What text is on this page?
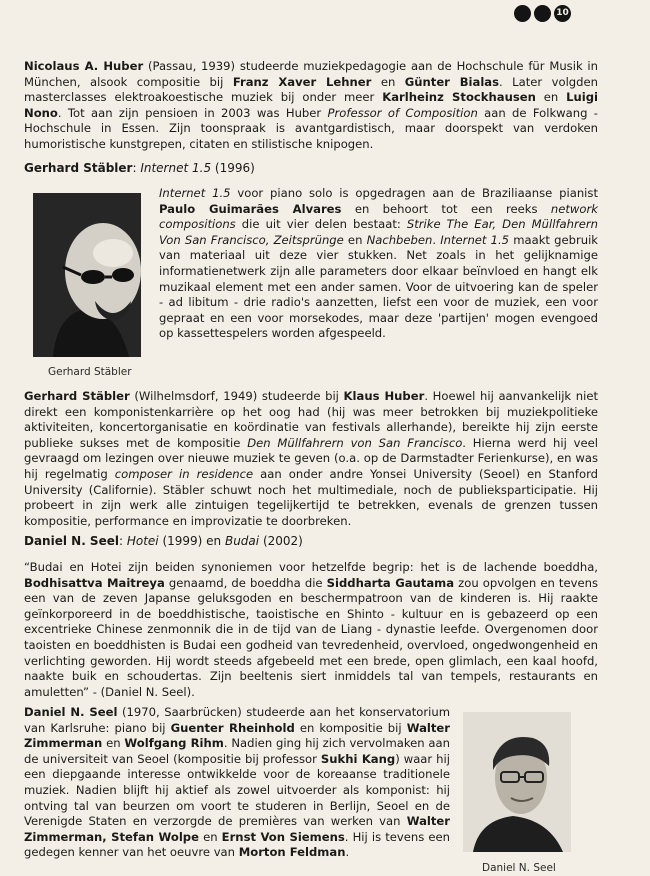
10

Nicolaus A. Huber (Passau, 1939) studeerde muziekpedagogie aan de Hochschule für Musik in München, alsook compositie bij Franz Xaver Lehner en Günter Bialas. Later volgden masterclasses elektroakoestische muziek bij onder meer Karlheinz Stockhausen en Luigi Nono. Tot aan zijn pensioen in 2003 was Huber Professor of Composition aan de Folkwang - Hochschule in Essen. Zijn toonspraak is avantgardistisch, maar doorspekt van verdoken humoristische kunstgrepen, citaten en stilistische knipogen.

Gerhard Stäbler: Internet 1.5 (1996)

Gerhard Stäbler

Internet 1.5 voor piano solo is opgedragen aan de Braziliaanse pianist Paulo Guimarães Alvares en behoort tot een reeks network compositions die uit vier delen bestaat: Strike The Ear, Den Müllfahrern Von San Francisco, Zeitsprünge en Nachbeben. Internet 1.5 maakt gebruik van materiaal uit deze vier stukken. Net zoals in het gelijknamige informatienetwerk zijn alle parameters door elkaar beïnvloed en hangt elk muzikaal element met een ander samen. Voor de uitvoering kan de speler - ad libitum - drie radio's aanzetten, liefst een voor de muziek, een voor gepraat en een voor morsekodes, maar deze 'partijen' mogen evengoed op kassettespelers worden afgespeeld.

Gerhard Stäbler (Wilhelmsdorf, 1949) studeerde bij Klaus Huber. Hoewel hij aanvankelijk niet direkt een komponistenkarrière op het oog had (hij was meer betrokken bij muziekpolitieke aktiviteiten, koncertorganisatie en koördinatie van festivals allerhande), bereikte hij zijn eerste publieke sukses met de kompositie Den Müllfahrern von San Francisco. Hierna werd hij veel gevraagd om lezingen over nieuwe muziek te geven (o.a. op de Darmstadter Ferienkurse), en was hij regelmatig composer in residence aan onder andre Yonsei University (Seoel) en Stanford University (Californie). Stäbler schuwt noch het multimediale, noch de publieksparticipatie. Hij probeert in zijn werk alle zintuigen tegelijkertijd te betrekken, evenals de grenzen tussen kompositie, performance en improvizatie te doorbreken.

Daniel N. Seel: Hotei (1999) en Budai (2002)

“Budai en Hotei zijn beiden synoniemen voor hetzelfde begrip: het is de lachende boeddha, Bodhisattva Maitreya genaamd, de boeddha die Siddharta Gautama zou opvolgen en tevens een van de zeven Japanse geluksgoden en beschermpatroon van de kinderen is. Hij raakte geïnkorporeerd in de boeddhistische, taoistische en Shinto - kultuur en is gebazeerd op een excentrieke Chinese zenmonnik die in de tijd van de Liang - dynastie leefde. Overgenomen door taoisten en boeddhisten is Budai een godheid van tevredenheid, overvloed, ongedwongenheid en verlichting geworden. Hij wordt steeds afgebeeld met een brede, open glimlach, een kaal hoofd, naakte buik en schoudertas. Zijn beeltenis siert inmiddels tal van tempels, restaurants en amuletten” - (Daniel N. Seel).

Daniel N. Seel (1970, Saarbrücken) studeerde aan het konservatorium van Karlsruhe: piano bij Guenter Rheinhold en kompositie bij Walter Zimmerman en Wolfgang Rihm. Nadien ging hij zich vervolmaken aan de universiteit van Seoel (kompositie bij professor Sukhi Kang) waar hij een diepgaande interesse ontwikkelde voor de koreaanse traditionele muziek. Nadien blijft hij aktief als zowel uitvoerder als komponist: hij ontving tal van beurzen om voort te studeren in Berlijn, Seoel en de Verenigde Staten en verzorgde de premières van werken van Walter Zimmerman, Stefan Wolpe en Ernst Von Siemens. Hij is tevens een gedegen kenner van het oeuvre van Morton Feldman.

Daniel N. Seel
